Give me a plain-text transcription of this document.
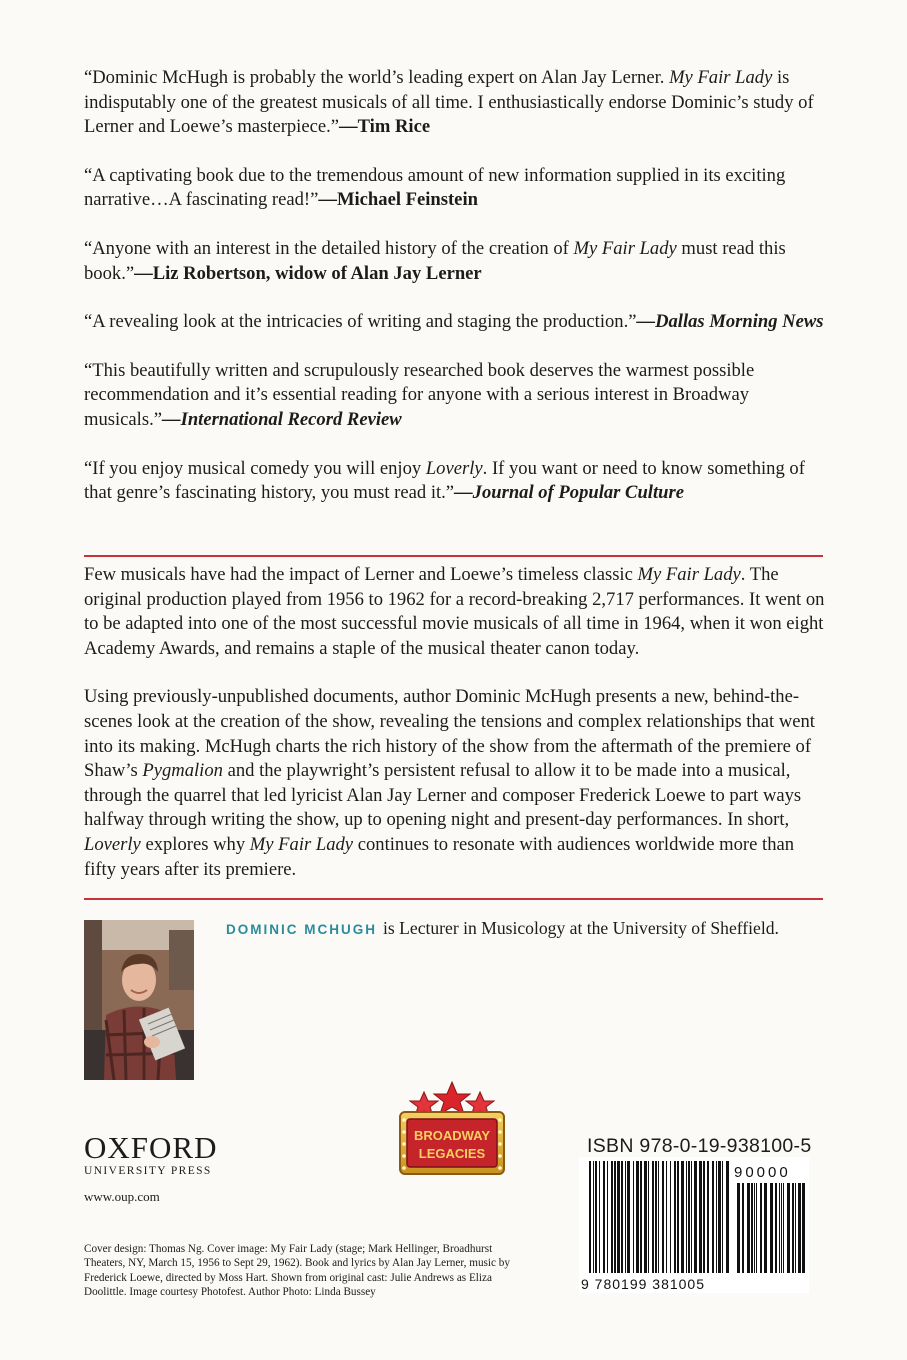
“Dominic McHugh is probably the world’s leading expert on Alan Jay Lerner. My Fair Lady is indisputably one of the greatest musicals of all time. I enthusiastically endorse Dominic’s study of Lerner and Loewe’s masterpiece.”—Tim Rice

“A captivating book due to the tremendous amount of new information supplied in its exciting narrative…A fascinating read!”—Michael Feinstein

“Anyone with an interest in the detailed history of the creation of My Fair Lady must read this book.”—Liz Robertson, widow of Alan Jay Lerner

“A revealing look at the intricacies of writing and staging the production.”—Dallas Morning News

“This beautifully written and scrupulously researched book deserves the warmest possible recommendation and it’s essential reading for anyone with a serious interest in Broadway musicals.”—International Record Review

“If you enjoy musical comedy you will enjoy Loverly. If you want or need to know something of that genre’s fascinating history, you must read it.”—Journal of Popular Culture

Few musicals have had the impact of Lerner and Loewe’s timeless classic My Fair Lady. The original production played from 1956 to 1962 for a record-breaking 2,717 performances. It went on to be adapted into one of the most successful movie musicals of all time in 1964, when it won eight Academy Awards, and remains a staple of the musical theater canon today.

Using previously-unpublished documents, author Dominic McHugh presents a new, behind-the-scenes look at the creation of the show, revealing the tensions and complex relationships that went into its making. McHugh charts the rich history of the show from the aftermath of the premiere of Shaw’s Pygmalion and the playwright’s persistent refusal to allow it to be made into a musical, through the quarrel that led lyricist Alan Jay Lerner and composer Frederick Loewe to part ways halfway through writing the show, up to opening night and present-day performances. In short, Loverly explores why My Fair Lady continues to resonate with audiences worldwide more than fifty years after its premiere.

DOMINIC MCHUGH is Lecturer in Musicology at the University of Sheffield.
OXFORD
UNIVERSITY PRESS
www.oup.com
BROADWAY
LEGACIES
Cover design: Thomas Ng. Cover image: My Fair Lady (stage; Mark Hellinger, Broadhurst Theaters, NY, March 15, 1956 to Sept 29, 1962). Book and lyrics by Alan Jay Lerner, music by Frederick Loewe, directed by Moss Hart. Shown from original cast: Julie Andrews as Eliza Doolittle. Image courtesy Photofest. Author Photo: Linda Bussey
ISBN 978-0-19-938100-5
90000
9 780199 381005
